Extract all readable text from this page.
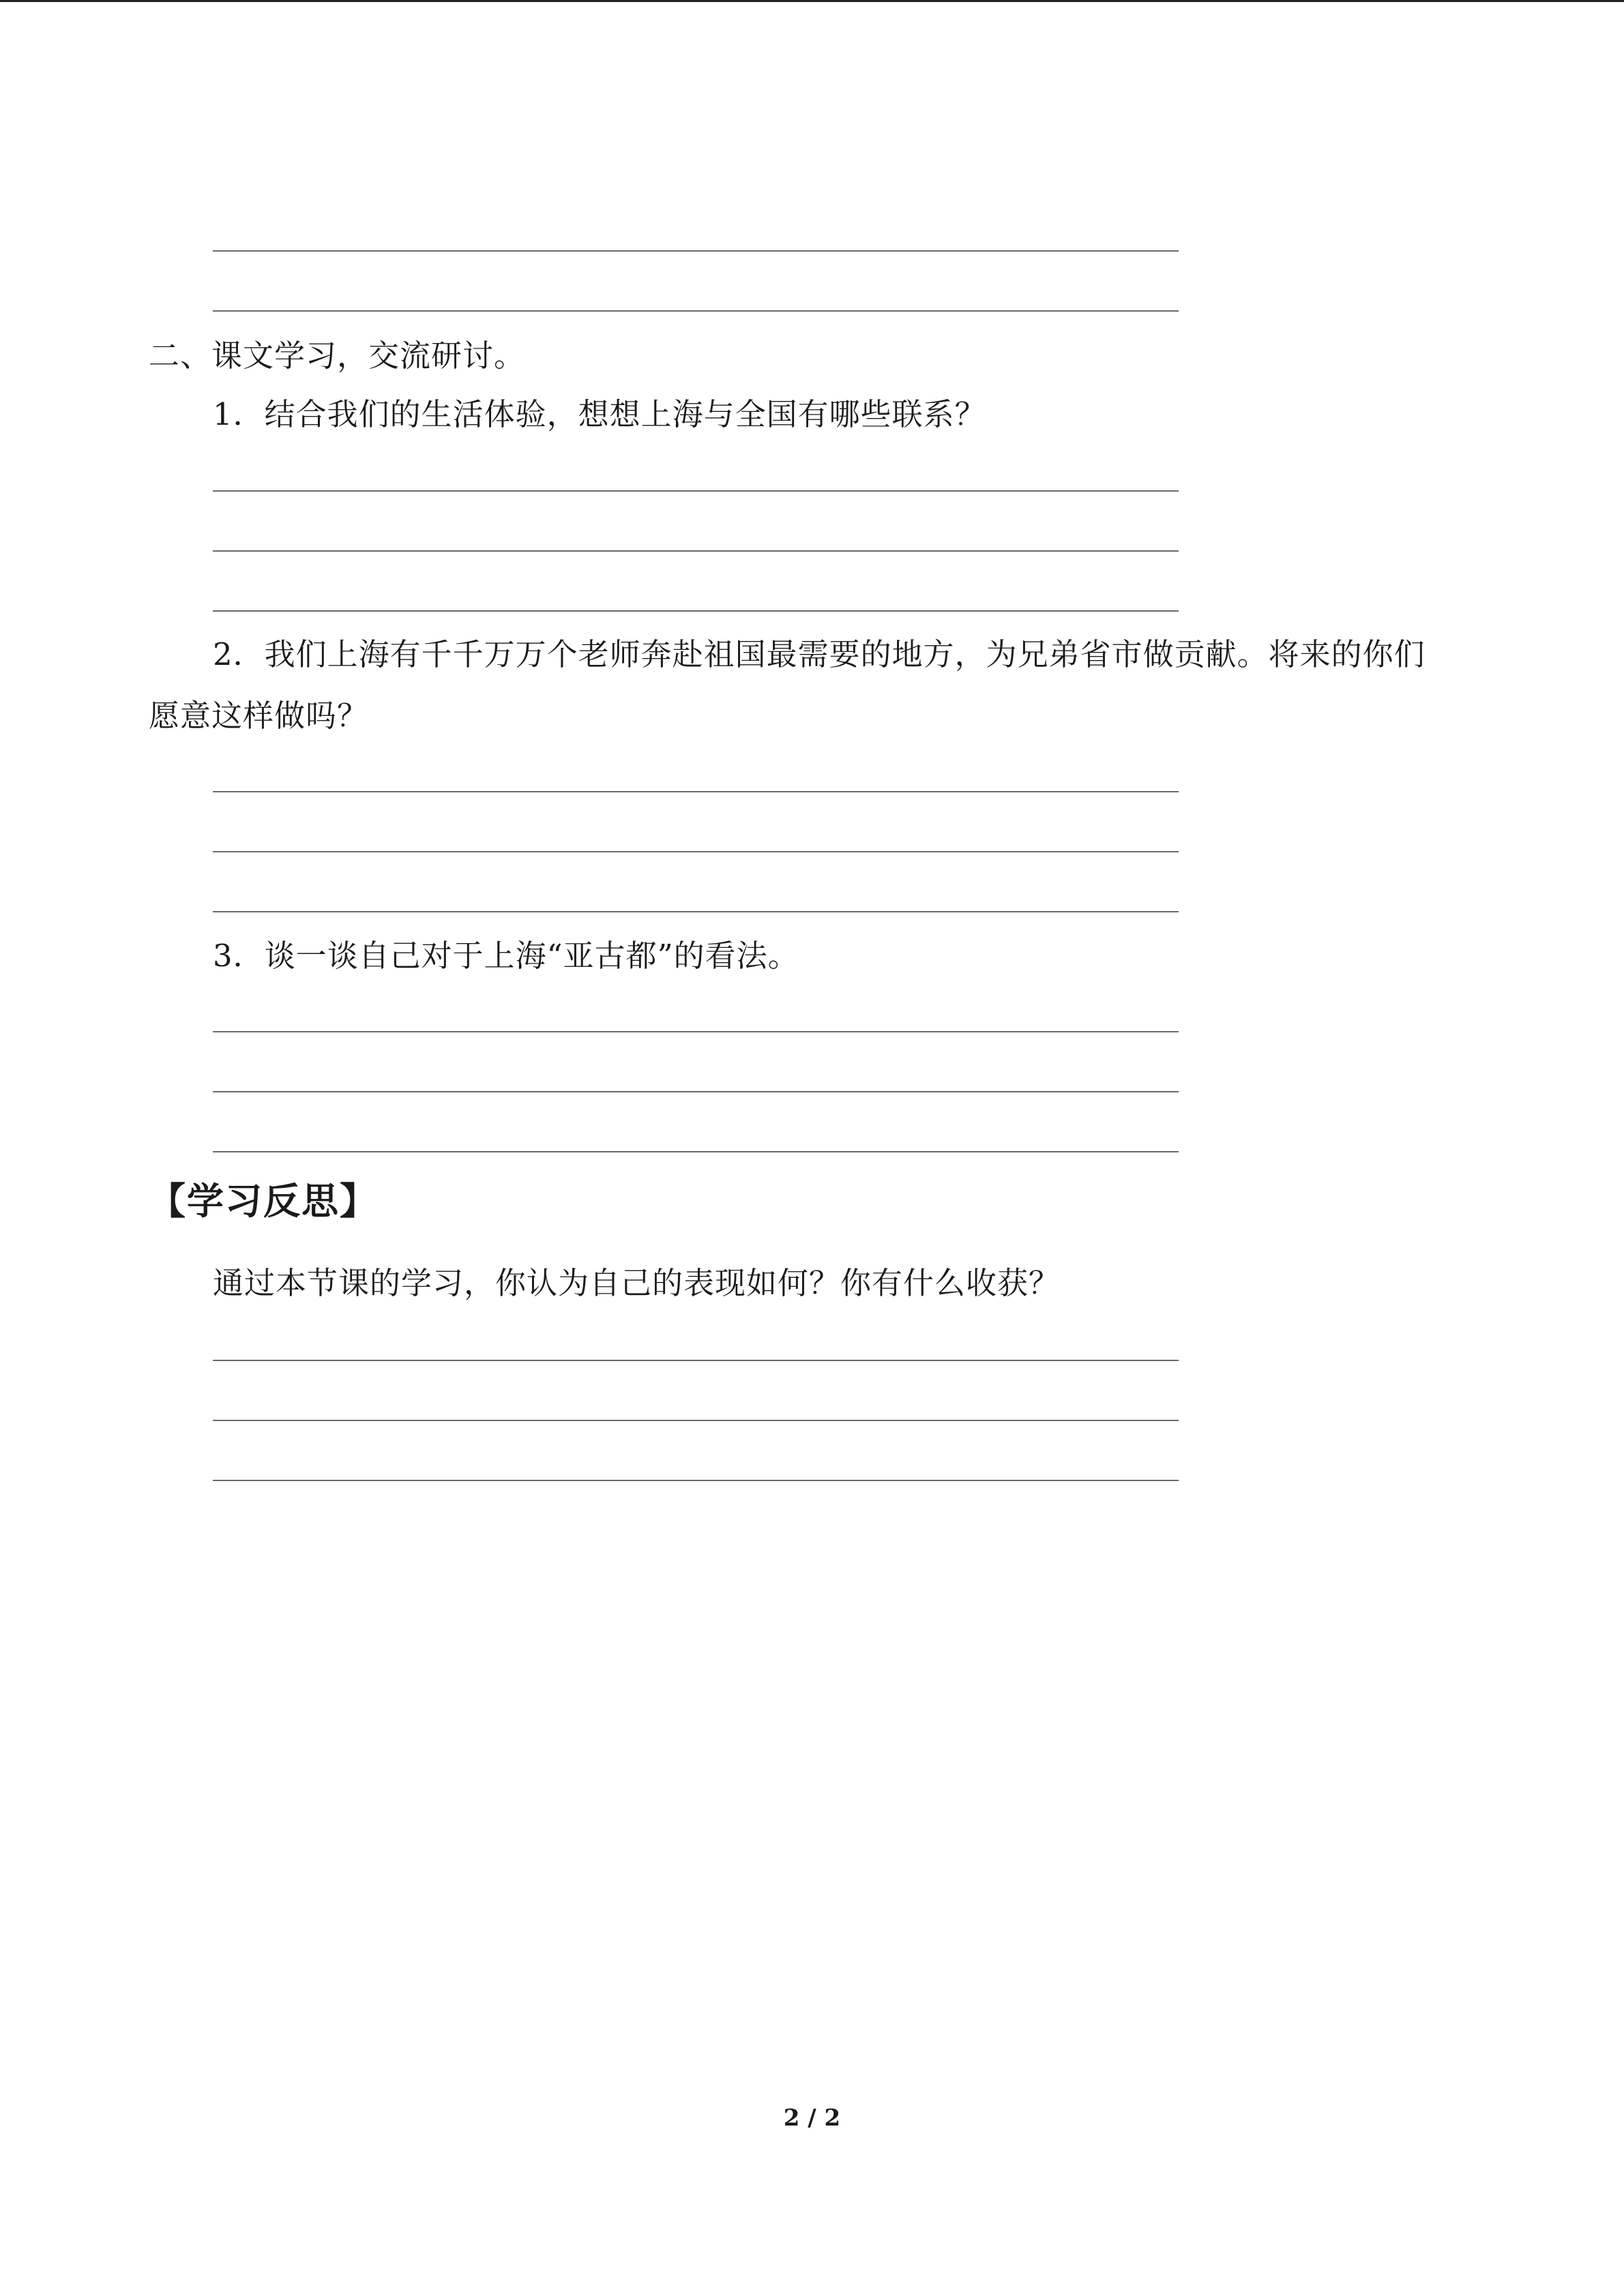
二、课文学习，交流研讨。
1．结合我们的生活体验，想想上海与全国有哪些联系？
2．我们上海有千千万万个老师奔赴祖国最需要的地方，为兄弟省市做贡献。将来的你们
愿意这样做吗？
3．谈一谈自己对于上海“亚古都”的看法。
【学习反思】
通过本节课的学习，你认为自己的表现如何？你有什么收获？
2 / 2
